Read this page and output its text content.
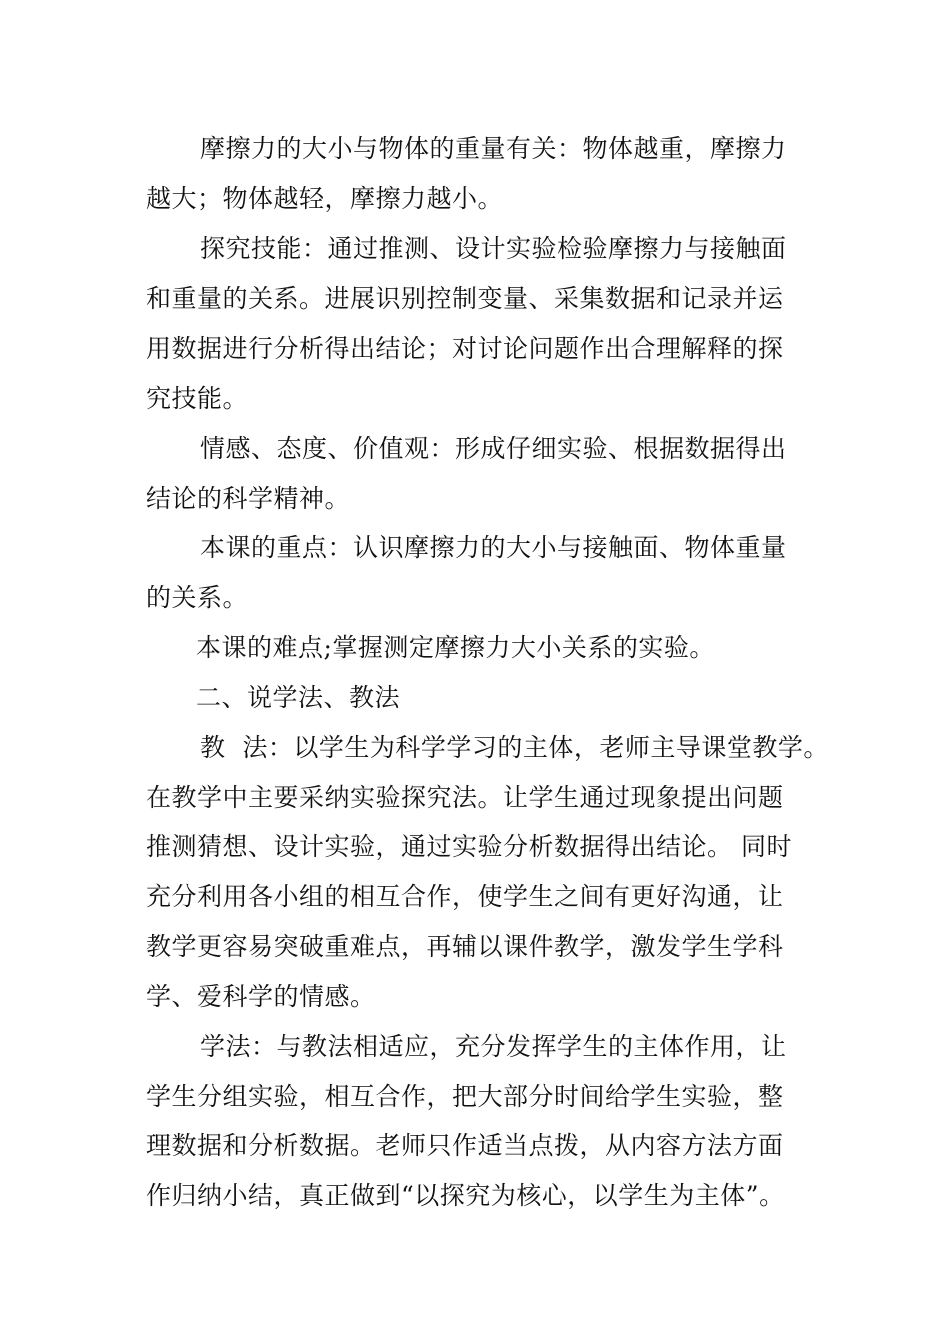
摩擦力的大小与物体的重量有关：物体越重，摩擦力
越大；物体越轻，摩擦力越小。
探究技能：通过推测、设计实验检验摩擦力与接触面
和重量的关系。进展识别控制变量、采集数据和记录并运
用数据进行分析得出结论；对讨论问题作出合理解释的探
究技能。
情感、态度、价值观：形成仔细实验、根据数据得出
结论的科学精神。
本课的重点：认识摩擦力的大小与接触面、物体重量
的关系。
本课的难点;掌握测定摩擦力大小关系的实验。
二、说学法、教法
教  法：以学生为科学学习的主体，老师主导课堂教学。
在教学中主要采纳实验探究法。让学生通过现象提出问题
推测猜想、设计实验，通过实验分析数据得出结论。 同时
充分利用各小组的相互合作，使学生之间有更好沟通，让
教学更容易突破重难点，再辅以课件教学，激发学生学科
学、爱科学的情感。
学法：与教法相适应，充分发挥学生的主体作用，让
学生分组实验，相互合作，把大部分时间给学生实验，整
理数据和分析数据。老师只作适当点拨，从内容方法方面
作归纳小结，真正做到“以探究为核心，以学生为主体”。
